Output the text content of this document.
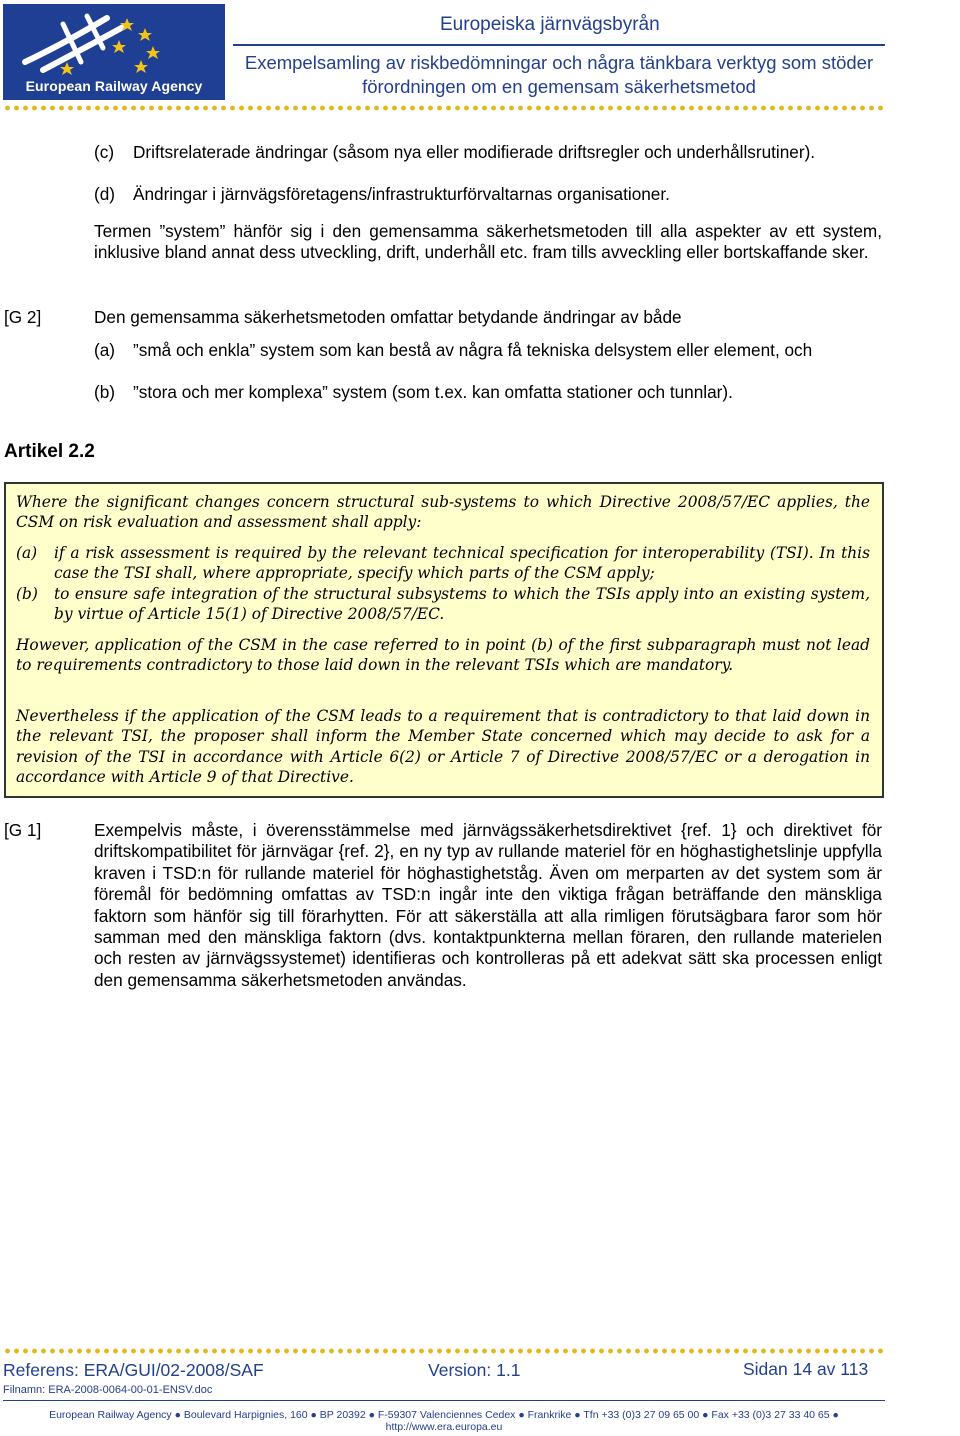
European Railway Agency
Europeiska järnvägsbyrån
Exempelsamling av riskbedömningar och några tänkbara verktyg som stöder
förordningen om en gemensam säkerhetsmetod
(c) Driftsrelaterade ändringar (såsom nya eller modifierade driftsregler och underhållsrutiner).
(d) Ändringar i järnvägsföretagens/infrastrukturförvaltarnas organisationer.
Termen ”system” hänför sig i den gemensamma säkerhetsmetoden till alla aspekter av ett system, inklusive bland annat dess utveckling, drift, underhåll etc. fram tills avveckling eller bortskaffande sker.
[G 2]	Den gemensamma säkerhetsmetoden omfattar betydande ändringar av både
(a) ”små och enkla” system som kan bestå av några få tekniska delsystem eller element, och
(b) ”stora och mer komplexa” system (som t.ex. kan omfatta stationer och tunnlar).
Artikel 2.2
Where the significant changes concern structural sub-systems to which Directive 2008/57/EC applies, the CSM on risk evaluation and assessment shall apply:
(a) if a risk assessment is required by the relevant technical specification for interoperability (TSI). In this case the TSI shall, where appropriate, specify which parts of the CSM apply;
(b) to ensure safe integration of the structural subsystems to which the TSIs apply into an existing system, by virtue of Article 15(1) of Directive 2008/57/EC.
However, application of the CSM in the case referred to in point (b) of the first subparagraph must not lead to requirements contradictory to those laid down in the relevant TSIs which are mandatory.
Nevertheless if the application of the CSM leads to a requirement that is contradictory to that laid down in the relevant TSI, the proposer shall inform the Member State concerned which may decide to ask for a revision of the TSI in accordance with Article 6(2) or Article 7 of Directive 2008/57/EC or a derogation in accordance with Article 9 of that Directive.
[G 1]	Exempelvis måste, i överensstämmelse med järnvägssäkerhetsdirektivet {ref. 1} och direktivet för driftskompatibilitet för järnvägar {ref. 2}, en ny typ av rullande materiel för en höghastighetslinje uppfylla kraven i TSD:n för rullande materiel för höghastighetståg. Även om merparten av det system som är föremål för bedömning omfattas av TSD:n ingår inte den viktiga frågan beträffande den mänskliga faktorn som hänför sig till förarhytten. För att säkerställa att alla rimligen förutsägbara faror som hör samman med den mänskliga faktorn (dvs. kontaktpunkterna mellan föraren, den rullande materielen och resten av järnvägssystemet) identifieras och kontrolleras på ett adekvat sätt ska processen enligt den gemensamma säkerhetsmetoden användas.
Referens: ERA/GUI/02-2008/SAF	Version: 1.1	Sidan 14 av 113
Filnamn: ERA-2008-0064-00-01-ENSV.doc
European Railway Agency ● Boulevard Harpignies, 160 ● BP 20392 ● F-59307 Valenciennes Cedex ● Frankrike ● Tfn +33 (0)3 27 09 65 00 ● Fax +33 (0)3 27 33 40 65 ●
http://www.era.europa.eu
